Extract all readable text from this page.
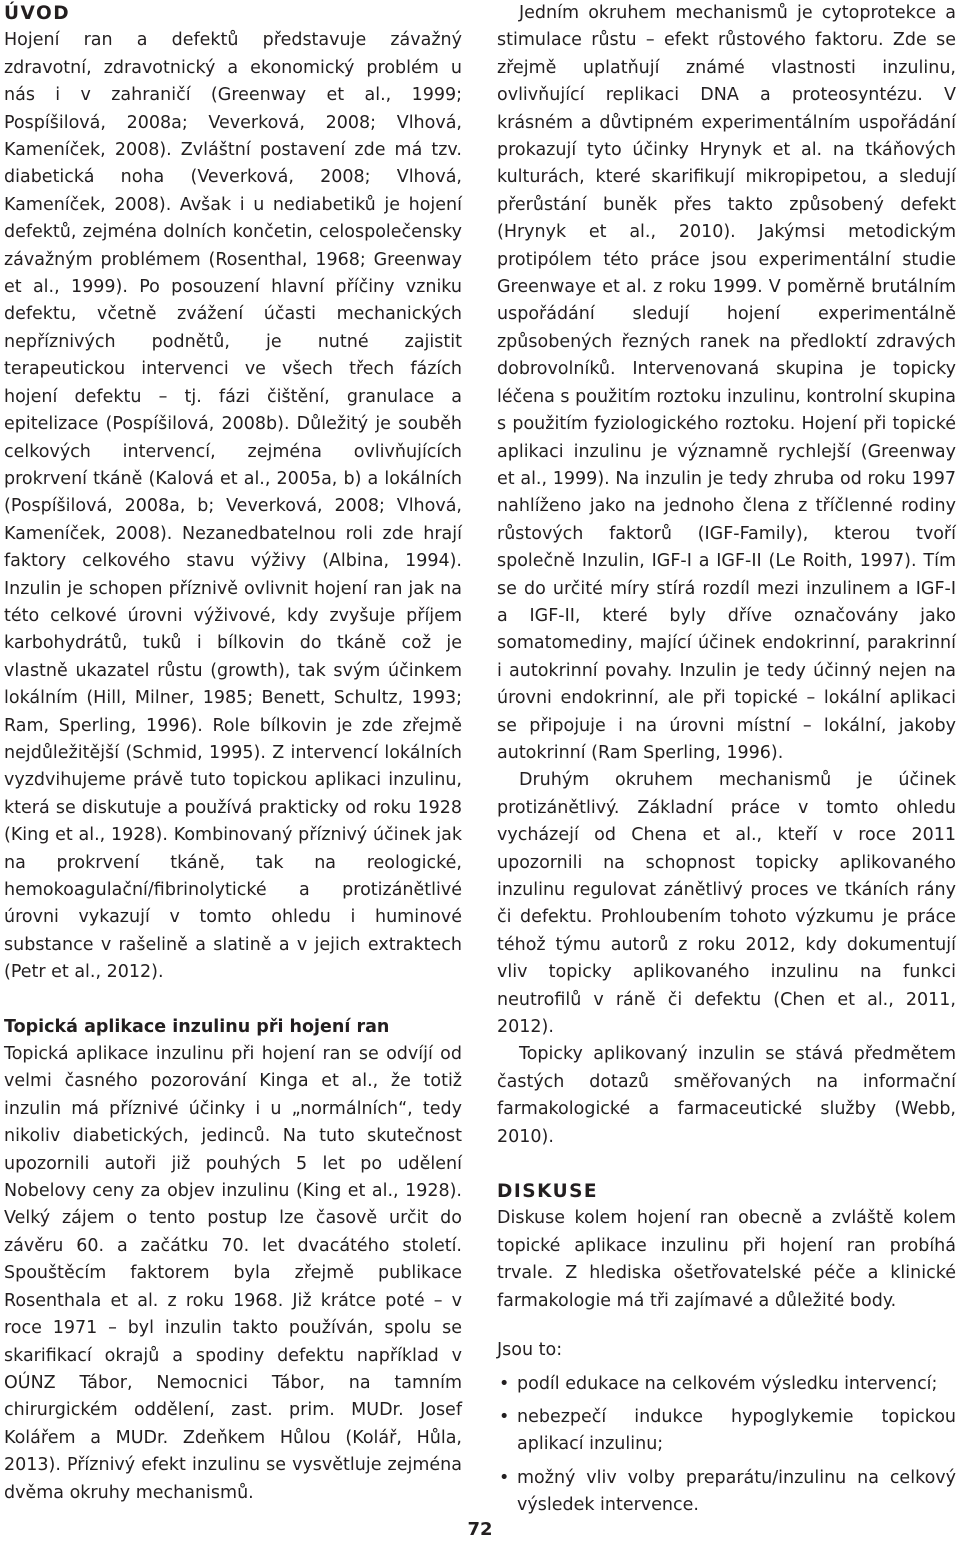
ÚVOD

Hojení ran a defektů představuje závažný zdravotní, zdravotnický a ekonomický problém u nás i v zahraničí (Greenway et al., 1999; Pospíšilová, 2008a; Veverková, 2008; Vlhová, Kameníček, 2008). Zvláštní postavení zde má tzv. diabetická noha (Veverková, 2008; Vlhová, Kameníček, 2008). Avšak i u nediabetiků je hojení defektů, zejména dolních končetin, celospolečensky závažným problémem (Rosenthal, 1968; Greenway et al., 1999). Po posouzení hlavní příčiny vzniku defektu, včetně zvážení účasti mechanických nepříznivých podnětů, je nutné zajistit terapeutickou intervenci ve všech třech fázích hojení defektu – tj. fázi čištění, granulace a epitelizace (Pospíšilová, 2008b). Důležitý je souběh celkových intervencí, zejména ovlivňujících prokrvení tkáně (Kalová et al., 2005a, b) a lokálních (Pospíšilová, 2008a, b; Veverková, 2008; Vlhová, Kameníček, 2008). Nezanedbatelnou roli zde hrají faktory celkového stavu výživy (Albina, 1994). Inzulin je schopen příznivě ovlivnit hojení ran jak na této celkové úrovni výživové, kdy zvyšuje příjem karbohydrátů, tuků i bílkovin do tkáně což je vlastně ukazatel růstu (growth), tak svým účinkem lokálním (Hill, Milner, 1985; Benett, Schultz, 1993; Ram, Sperling, 1996). Role bílkovin je zde zřejmě nejdůležitější (Schmid, 1995). Z intervencí lokálních vyzdvihujeme právě tuto topickou aplikaci inzulinu, která se diskutuje a používá prakticky od roku 1928 (King et al., 1928). Kombinovaný příznivý účinek jak na prokrvení tkáně, tak na reologické, hemokoagulační/fibrinolytické a protizánětlivé úrovni vykazují v tomto ohledu i huminové substance v rašelině a slatině a v jejich extraktech (Petr et al., 2012).

Topická aplikace inzulinu při hojení ran

Topická aplikace inzulinu při hojení ran se odvíjí od velmi časného pozorování Kinga et al., že totiž inzulin má příznivé účinky i u „normálních“, tedy nikoliv diabetických, jedinců. Na tuto skutečnost upozornili autoři již pouhých 5 let po udělení Nobelovy ceny za objev inzulinu (King et al., 1928). Velký zájem o tento postup lze časově určit do závěru 60. a začátku 70. let dvacátého století. Spouštěcím faktorem byla zřejmě publikace Rosenthala et al. z roku 1968. Již krátce poté – v roce 1971 – byl inzulin takto používán, spolu se skarifikací okrajů a spodiny defektu například v OÚNZ Tábor, Nemocnici Tábor, na tamním chirurgickém oddělení, zast. prim. MUDr. Josef Kolářem a MUDr. Zdeňkem Hůlou (Kolář, Hůla, 2013). Příznivý efekt inzulinu se vysvětluje zejména dvěma okruhy mechanismů.

Jedním okruhem mechanismů je cytoprotekce a stimulace růstu – efekt růstového faktoru. Zde se zřejmě uplatňují známé vlastnosti inzulinu, ovlivňující replikaci DNA a proteosyntézu. V krásném a důvtipném experimentálním uspořádání prokazují tyto účinky Hrynyk et al. na tkáňových kulturách, které skarifikují mikropipetou, a sledují přerůstání buněk přes takto způsobený defekt (Hrynyk et al., 2010). Jakýmsi metodickým protipólem této práce jsou experimentální studie Greenwaye et al. z roku 1999. V poměrně brutálním uspořádání sledují hojení experimentálně způsobených řezných ranek na předloktí zdravých dobrovolníků. Intervenovaná skupina je topicky léčena s použitím roztoku inzulinu, kontrolní skupina s použitím fyziologického roztoku. Hojení při topické aplikaci inzulinu je významně rychlejší (Greenway et al., 1999). Na inzulin je tedy zhruba od roku 1997 nahlíženo jako na jednoho člena z tříčlenné rodiny růstových faktorů (IGF-Family), kterou tvoří společně Inzulin, IGF-I a IGF-II (Le Roith, 1997). Tím se do určité míry stírá rozdíl mezi inzulinem a IGF-I a IGF-II, které byly dříve označovány jako somatomediny, mající účinek endokrinní, parakrinní i autokrinní povahy. Inzulin je tedy účinný nejen na úrovni endokrinní, ale při topické – lokální aplikaci se připojuje i na úrovni místní – lokální, jakoby autokrinní (Ram Sperling, 1996).

Druhým okruhem mechanismů je účinek protizánětlivý. Základní práce v tomto ohledu vycházejí od Chena et al., kteří v roce 2011 upozornili na schopnost topicky aplikovaného inzulinu regulovat zánětlivý proces ve tkáních rány či defektu. Prohloubením tohoto výzkumu je práce téhož týmu autorů z roku 2012, kdy dokumentují vliv topicky aplikovaného inzulinu na funkci neutrofilů v ráně či defektu (Chen et al., 2011, 2012).

Topicky aplikovaný inzulin se stává předmětem častých dotazů směřovaných na informační farmakologické a farmaceutické služby (Webb, 2010).

DISKUSE

Diskuse kolem hojení ran obecně a zvláště kolem topické aplikace inzulinu při hojení ran probíhá trvale. Z hlediska ošetřovatelské péče a klinické farmakologie má tři zajímavé a důležité body.

Jsou to:

• podíl edukace na celkovém výsledku intervencí;
• nebezpečí indukce hypoglykemie topickou aplikací inzulinu;
• možný vliv volby preparátu/inzulinu na celkový výsledek intervence.
72
